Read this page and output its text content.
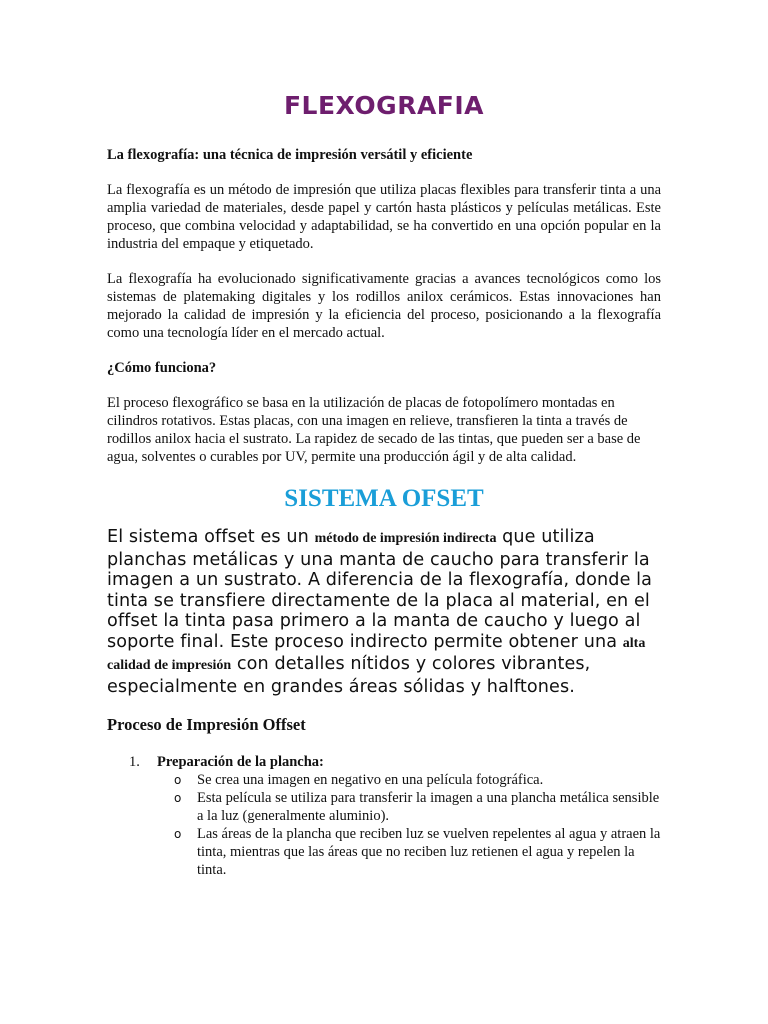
FLEXOGRAFIA

La flexografía: una técnica de impresión versátil y eficiente

La flexografía es un método de impresión que utiliza placas flexibles para transferir tinta a una amplia variedad de materiales, desde papel y cartón hasta plásticos y películas metálicas. Este proceso, que combina velocidad y adaptabilidad, se ha convertido en una opción popular en la industria del empaque y etiquetado.

La flexografía ha evolucionado significativamente gracias a avances tecnológicos como los sistemas de platemaking digitales y los rodillos anilox cerámicos. Estas innovaciones han mejorado la calidad de impresión y la eficiencia del proceso, posicionando a la flexografía como una tecnología líder en el mercado actual.

¿Cómo funciona?

El proceso flexográfico se basa en la utilización de placas de fotopolímero montadas en cilindros rotativos. Estas placas, con una imagen en relieve, transfieren la tinta a través de rodillos anilox hacia el sustrato. La rapidez de secado de las tintas, que pueden ser a base de agua, solventes o curables por UV, permite una producción ágil y de alta calidad.

SISTEMA OFSET

El sistema offset es un método de impresión indirecta que utiliza planchas metálicas y una manta de caucho para transferir la imagen a un sustrato. A diferencia de la flexografía, donde la tinta se transfiere directamente de la placa al material, en el offset la tinta pasa primero a la manta de caucho y luego al soporte final. Este proceso indirecto permite obtener una alta calidad de impresión con detalles nítidos y colores vibrantes, especialmente en grandes áreas sólidas y halftones.

Proceso de Impresión Offset

1. Preparación de la plancha:
o Se crea una imagen en negativo en una película fotográfica.
o Esta película se utiliza para transferir la imagen a una plancha metálica sensible a la luz (generalmente aluminio).
o Las áreas de la plancha que reciben luz se vuelven repelentes al agua y atraen la tinta, mientras que las áreas que no reciben luz retienen el agua y repelen la tinta.
